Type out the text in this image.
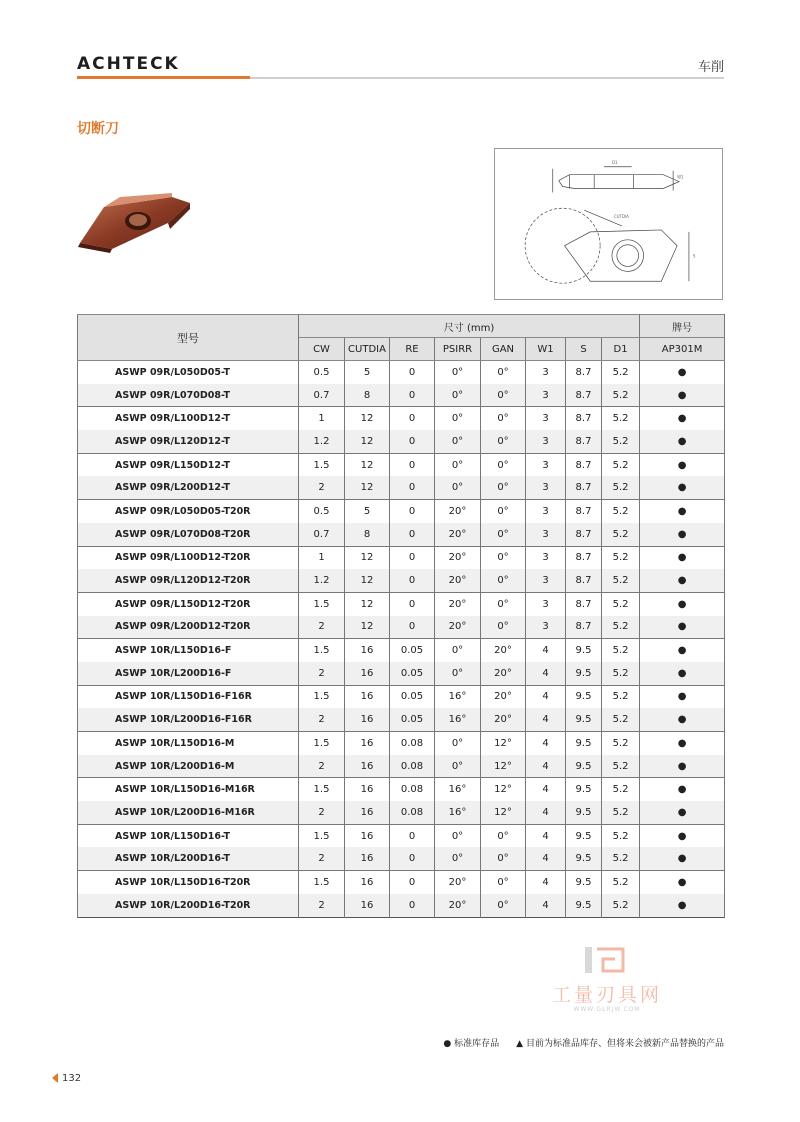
ACHTECK	车削
切断刀
D1
W1
S
CUTDIA
型号	尺寸 (mm)								牌号
	CW	CUTDIA	RE	PSIRR	GAN	W1	S	D1	AP301M
ASWP 09R/L050D05-T	0.5	5	0	0°	0°	3	8.7	5.2	●
ASWP 09R/L070D08-T	0.7	8	0	0°	0°	3	8.7	5.2	●
ASWP 09R/L100D12-T	1	12	0	0°	0°	3	8.7	5.2	●
ASWP 09R/L120D12-T	1.2	12	0	0°	0°	3	8.7	5.2	●
ASWP 09R/L150D12-T	1.5	12	0	0°	0°	3	8.7	5.2	●
ASWP 09R/L200D12-T	2	12	0	0°	0°	3	8.7	5.2	●
ASWP 09R/L050D05-T20R	0.5	5	0	20°	0°	3	8.7	5.2	●
ASWP 09R/L070D08-T20R	0.7	8	0	20°	0°	3	8.7	5.2	●
ASWP 09R/L100D12-T20R	1	12	0	20°	0°	3	8.7	5.2	●
ASWP 09R/L120D12-T20R	1.2	12	0	20°	0°	3	8.7	5.2	●
ASWP 09R/L150D12-T20R	1.5	12	0	20°	0°	3	8.7	5.2	●
ASWP 09R/L200D12-T20R	2	12	0	20°	0°	3	8.7	5.2	●
ASWP 10R/L150D16-F	1.5	16	0.05	0°	20°	4	9.5	5.2	●
ASWP 10R/L200D16-F	2	16	0.05	0°	20°	4	9.5	5.2	●
ASWP 10R/L150D16-F16R	1.5	16	0.05	16°	20°	4	9.5	5.2	●
ASWP 10R/L200D16-F16R	2	16	0.05	16°	20°	4	9.5	5.2	●
ASWP 10R/L150D16-M	1.5	16	0.08	0°	12°	4	9.5	5.2	●
ASWP 10R/L200D16-M	2	16	0.08	0°	12°	4	9.5	5.2	●
ASWP 10R/L150D16-M16R	1.5	16	0.08	16°	12°	4	9.5	5.2	●
ASWP 10R/L200D16-M16R	2	16	0.08	16°	12°	4	9.5	5.2	●
ASWP 10R/L150D16-T	1.5	16	0	0°	0°	4	9.5	5.2	●
ASWP 10R/L200D16-T	2	16	0	0°	0°	4	9.5	5.2	●
ASWP 10R/L150D16-T20R	1.5	16	0	20°	0°	4	9.5	5.2	●
ASWP 10R/L200D16-T20R	2	16	0	20°	0°	4	9.5	5.2	●
工量刃具网
WWW.GLRJW.COM
● 标准库存品 ▲ 目前为标准品库存、但将来会被新产品替换的产品
132
